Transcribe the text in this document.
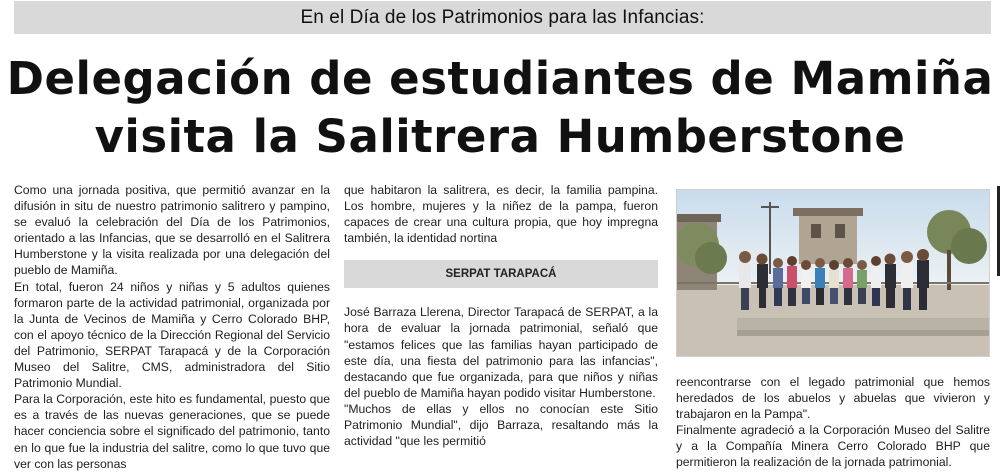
En el Día de los Patrimonios para las Infancias:
Delegación de estudiantes de Mamiña
visita la Salitrera Humberstone

Como una jornada positiva, que permitió avanzar en la difusión in situ de nuestro patrimonio salitrero y pampino, se evaluó la celebración del Día de los Patrimonios, orientado a las Infancias, que se desarrolló en el Salitrera Humberstone y la visita realizada por una delegación del pueblo de Mamiña.

En total, fueron 24 niños y niñas y 5 adultos quienes formaron parte de la actividad patrimonial, organizada por la Junta de Vecinos de Mamiña y Cerro Colorado BHP, con el apoyo técnico de la Dirección Regional del Servicio del Patrimonio, SERPAT Tarapacá y de la Corporación Museo del Salitre, CMS, administradora del Sitio Patrimonio Mundial.

Para la Corporación, este hito es fundamental, puesto que es a través de las nuevas generaciones, que se puede hacer conciencia sobre el significado del patrimonio, tanto en lo que fue la industria del salitre, como lo que tuvo que ver con las personas

que habitaron la salitrera, es decir, la familia pampina. Los hombre, mujeres y la niñez de la pampa, fueron capaces de crear una cultura propia, que hoy impregna también, la identidad nortina

SERPAT TARAPACÁ

José Barraza Llerena, Director Tarapacá de SERPAT, a la hora de evaluar la jornada patrimonial, señaló que "estamos felices que las familias hayan participado de este día, una fiesta del patrimonio para las infancias", destacando que fue organizada, para que niños y niñas del pueblo de Mamiña hayan podido visitar Humberstone.

"Muchos de ellas y ellos no conocían este Sitio Patrimonio Mundial", dijo Barraza, resaltando más la actividad "que les permitió

reencontrarse con el legado patrimonial que hemos heredados de los abuelos y abuelas que vivieron y trabajaron en la Pampa".

Finalmente agradeció a la Corporación Museo del Salitre y a la Compañía Minera Cerro Colorado BHP que permitieron la realización de la jornada patrimonial.
